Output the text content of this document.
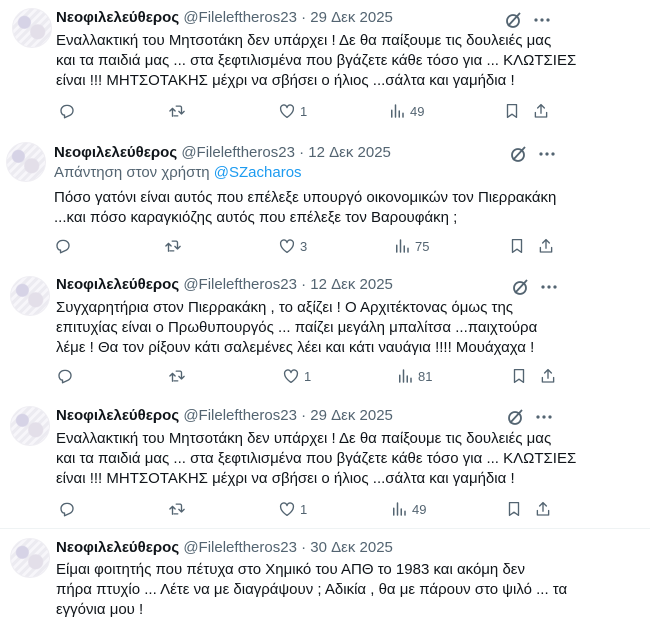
Νεοφιλελεύθερος @Fileleftheros23 · 29 Δεκ 2025
Εναλλακτική του Μητσοτάκη δεν υπάρχει ! Δε θα παίξουμε τις δουλειές μας
και τα παιδιά μας ... στα ξεφτιλισμένα που βγάζετε κάθε τόσο για ... ΚΛΩΤΣΙΕΣ
είναι !!! ΜΗΤΣΟΤΑΚΗΣ μέχρι να σβήσει ο ήλιος ...σάλτα και γαμήδια !
1	49
Νεοφιλελεύθερος @Fileleftheros23 · 12 Δεκ 2025
Απάντηση στον χρήστη @SZacharos
Πόσο γατόνι είναι αυτός που επέλεξε υπουργό οικονομικών τον Πιερρακάκη
...και πόσο καραγκιόζης αυτός που επέλεξε τον Βαρουφάκη ;
3	75
Νεοφιλελεύθερος @Fileleftheros23 · 12 Δεκ 2025
Συγχαρητήρια στον Πιερρακάκη , το αξίζει ! Ο Αρχιτέκτονας όμως της
επιτυχίας είναι ο Πρωθυπουργός ... παίζει μεγάλη μπαλίτσα ...παιχτούρα
λέμε ! Θα τον ρίξουν κάτι σαλεμένες λέει και κάτι ναυάγια !!!! Μουάχαχα !
1	81
Νεοφιλελεύθερος @Fileleftheros23 · 29 Δεκ 2025
Εναλλακτική του Μητσοτάκη δεν υπάρχει ! Δε θα παίξουμε τις δουλειές μας
και τα παιδιά μας ... στα ξεφτιλισμένα που βγάζετε κάθε τόσο για ... ΚΛΩΤΣΙΕΣ
είναι !!! ΜΗΤΣΟΤΑΚΗΣ μέχρι να σβήσει ο ήλιος ...σάλτα και γαμήδια !
1	49
Νεοφιλελεύθερος @Fileleftheros23 · 30 Δεκ 2025
Είμαι φοιτητής που πέτυχα στο Χημικό του ΑΠΘ το 1983 και ακόμη δεν
πήρα πτυχίο ... Λέτε να με διαγράψουν ; Αδικία , θα με πάρουν στο ψιλό ... τα
εγγόνια μου !
